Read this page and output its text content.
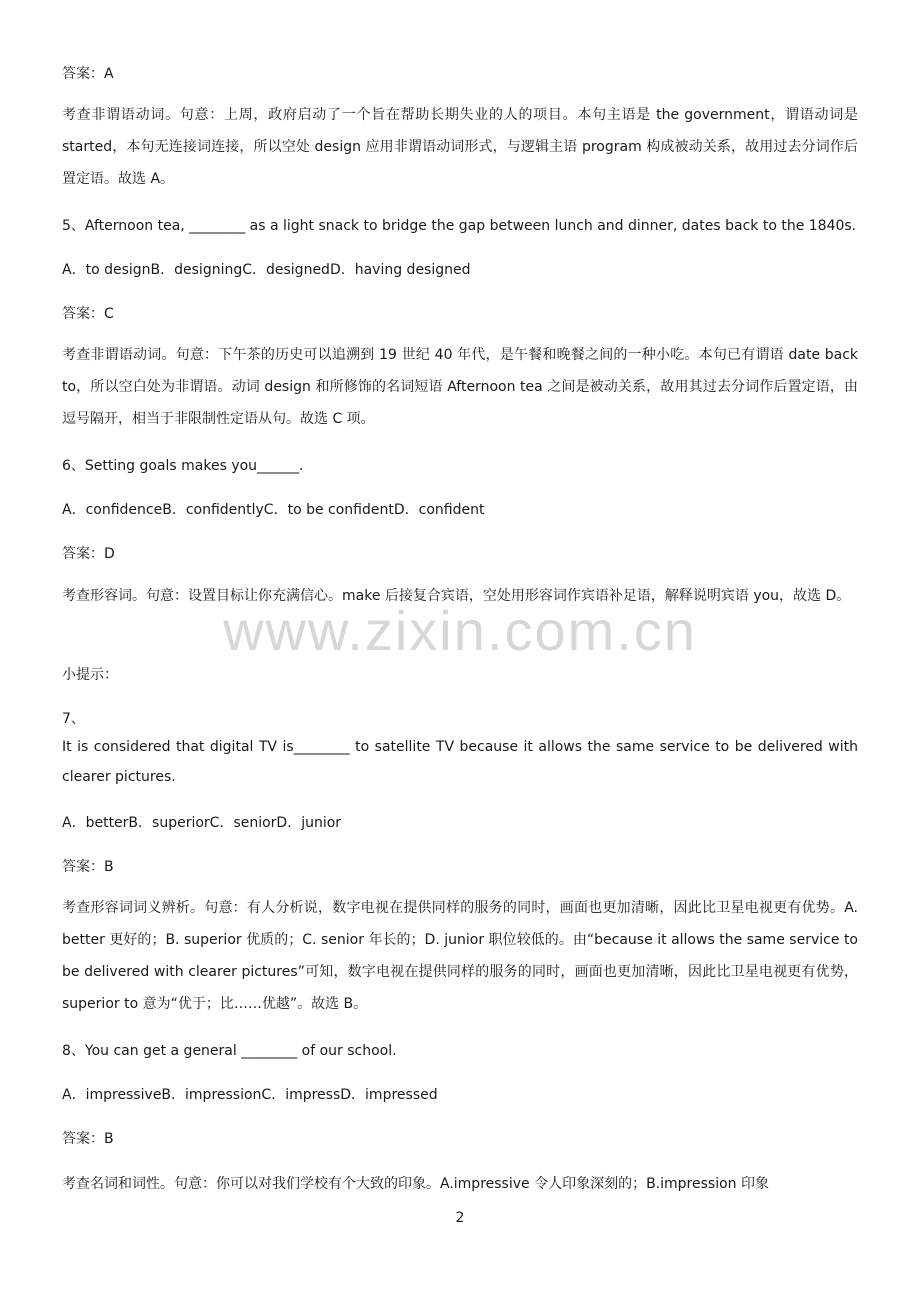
答案：A
考查非谓语动词。句意：上周，政府启动了一个旨在帮助长期失业的人的项目。本句主语是 the government，谓语动词是 started，本句无连接词连接，所以空处 design 应用非谓语动词形式，与逻辑主语 program 构成被动关系，故用过去分词作后置定语。故选 A。
5、Afternoon tea, ________ as a light snack to bridge the gap between lunch and dinner, dates back to the 1840s.
A．to designB．designingC．designedD．having designed
答案：C
考查非谓语动词。句意：下午茶的历史可以追溯到 19 世纪 40 年代，是午餐和晚餐之间的一种小吃。本句已有谓语 date back to，所以空白处为非谓语。动词 design 和所修饰的名词短语 Afternoon tea 之间是被动关系，故用其过去分词作后置定语，由逗号隔开，相当于非限制性定语从句。故选 C 项。
6、Setting goals makes you______.
A．confidenceB．confidentlyC．to be confidentD．confident
答案：D
考查形容词。句意：设置目标让你充满信心。make 后接复合宾语，空处用形容词作宾语补足语，解释说明宾语 you，故选 D。
小提示：
7、
It is considered that digital TV is________ to satellite TV because it allows the same service to be delivered with clearer pictures.
A．betterB．superiorC．seniorD．junior
答案：B
考查形容词词义辨析。句意：有人分析说，数字电视在提供同样的服务的同时，画面也更加清晰，因此比卫星电视更有优势。A. better 更好的；B. superior 优质的；C. senior 年长的；D. junior 职位较低的。由“because it allows the same service to be delivered with clearer pictures”可知，数字电视在提供同样的服务的同时，画面也更加清晰，因此比卫星电视更有优势，superior to 意为“优于；比……优越”。故选 B。
8、You can get a general ________ of our school.
A．impressiveB．impressionC．impressD．impressed
答案：B
考查名词和词性。句意：你可以对我们学校有个大致的印象。A.impressive 令人印象深刻的；B.impression 印象
www.zixin.com.cn
2
